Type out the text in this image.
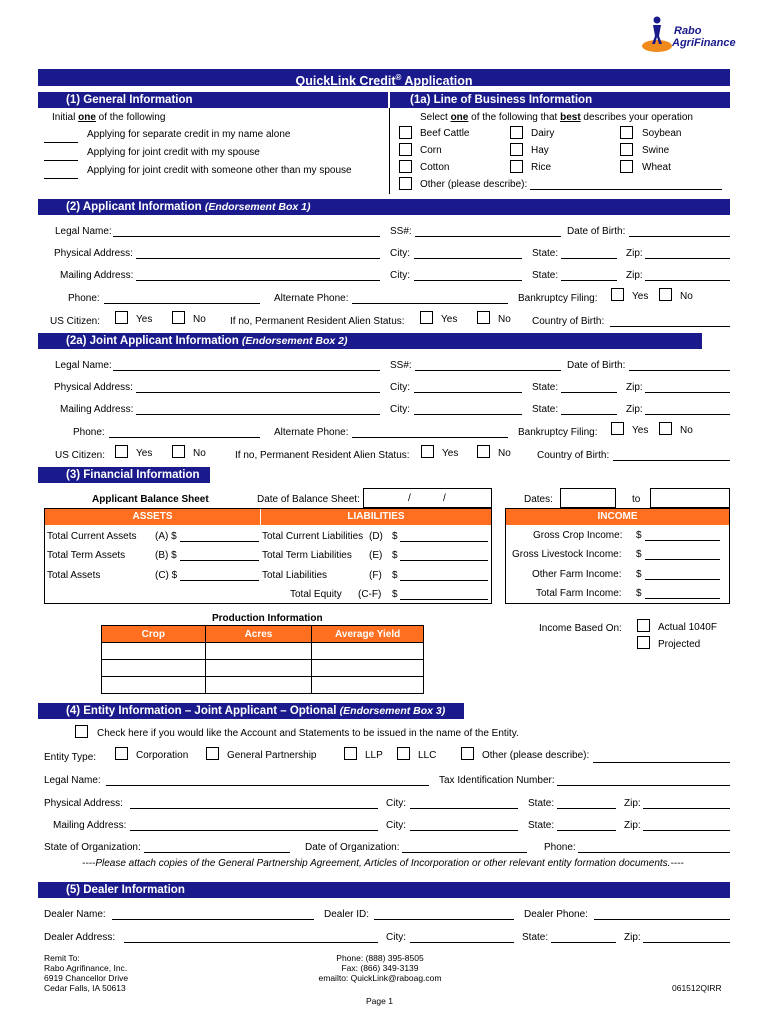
Rabo
AgriFinance
QuickLink Credit® Application
(1) General Information	(1a) Line of Business Information
Initial one of the following
Applying for separate credit in my name alone
Applying for joint credit with my spouse
Applying for joint credit with someone other than my spouse
Select one of the following that best describes your operation
Beef Cattle	Dairy	Soybean
Corn	Hay	Swine
Cotton	Rice	Wheat
Other (please describe):
(2) Applicant Information (Endorsement Box 1)
Legal Name:	SS#:	Date of Birth:
Physical Address:	City:	State:	Zip:
Mailing Address:	City:	State:	Zip:
Phone:	Alternate Phone:	Bankruptcy Filing:	Yes	No
US Citizen:	Yes	No If no, Permanent Resident Alien Status:	Yes	No Country of Birth:
(2a) Joint Applicant Information (Endorsement Box 2)
Legal Name:	SS#:	Date of Birth:
Physical Address:	City:	State:	Zip:
Mailing Address:	City:	State:	Zip:
Phone:	Alternate Phone:	Bankruptcy Filing:	Yes	No
US Citizen:	Yes	No	If no, Permanent Resident Alien Status:	Yes	No	Country of Birth:
(3) Financial Information
Applicant Balance Sheet	Date of Balance Sheet:	/	/
ASSETS	LIABILITIES
Total Current Assets (A) $
Total Term Assets	(B) $
Total Assets	(C) $
Total Current Liabilities (D) $
Total Term Liabilities (E) $
Total Liabilities	(F) $
Total Equity (C-F) $
Dates:	to
INCOME
Gross Crop Income: $
Gross Livestock Income: $
Other Farm Income: $
Total Farm Income: $
Income Based On:	Actual 1040F
Projected
Production Information
Crop	Acres	Average Yield

(4) Entity Information – Joint Applicant – Optional (Endorsement Box 3)
Check here if you would like the Account and Statements to be issued in the name of the Entity.
Entity Type:	Corporation	General Partnership	LLP	LLC	Other (please describe):
Legal Name:	Tax Identification Number:
Physical Address:	City:	State:	Zip:
Mailing Address:	City:	State:	Zip:
State of Organization:	Date of Organization:	Phone:
----Please attach copies of the General Partnership Agreement, Articles of Incorporation or other relevant entity formation documents.----
(5) Dealer Information
Dealer Name:	Dealer ID:	Dealer Phone:
Dealer Address:	City:	State:	Zip:
Remit To:
Rabo Agrifinance, Inc.
6919 Chancellor Drive
Cedar Falls, IA 50613
Phone: (888) 395-8505
Fax: (866) 349-3139
emailto: QuickLink@raboag.com
061512QIRR
Page 1
